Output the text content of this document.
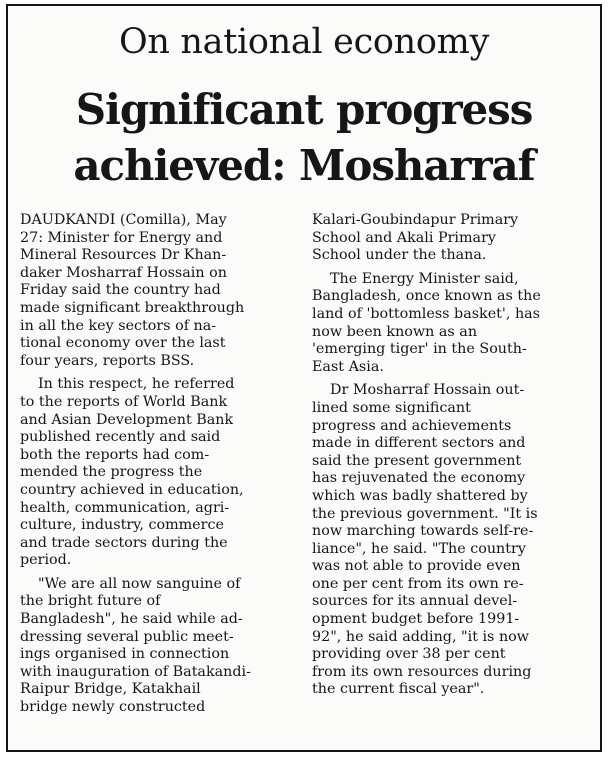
On national economy
Significant progress
achieved: Mosharraf
DAUDKANDI (Comilla), May
27: Minister for Energy and
Mineral Resources Dr Khan-
daker Mosharraf Hossain on
Friday said the country had
made significant breakthrough
in all the key sectors of na-
tional economy over the last
four years, reports BSS.
In this respect, he referred
to the reports of World Bank
and Asian Development Bank
published recently and said
both the reports had com-
mended the progress the
country achieved in education,
health, communication, agri-
culture, industry, commerce
and trade sectors during the
period.
"We are all now sanguine of
the bright future of
Bangladesh", he said while ad-
dressing several public meet-
ings organised in connection
with inauguration of Batakandi-
Raipur Bridge, Katakhail
bridge newly constructed
Kalari-Goubindapur Primary
School and Akali Primary
School under the thana.
The Energy Minister said,
Bangladesh, once known as the
land of 'bottomless basket', has
now been known as an
'emerging tiger' in the South-
East Asia.
Dr Mosharraf Hossain out-
lined some significant
progress and achievements
made in different sectors and
said the present government
has rejuvenated the economy
which was badly shattered by
the previous government. "It is
now marching towards self-re-
liance", he said. "The country
was not able to provide even
one per cent from its own re-
sources for its annual devel-
opment budget before 1991-
92", he said adding, "it is now
providing over 38 per cent
from its own resources during
the current fiscal year".
